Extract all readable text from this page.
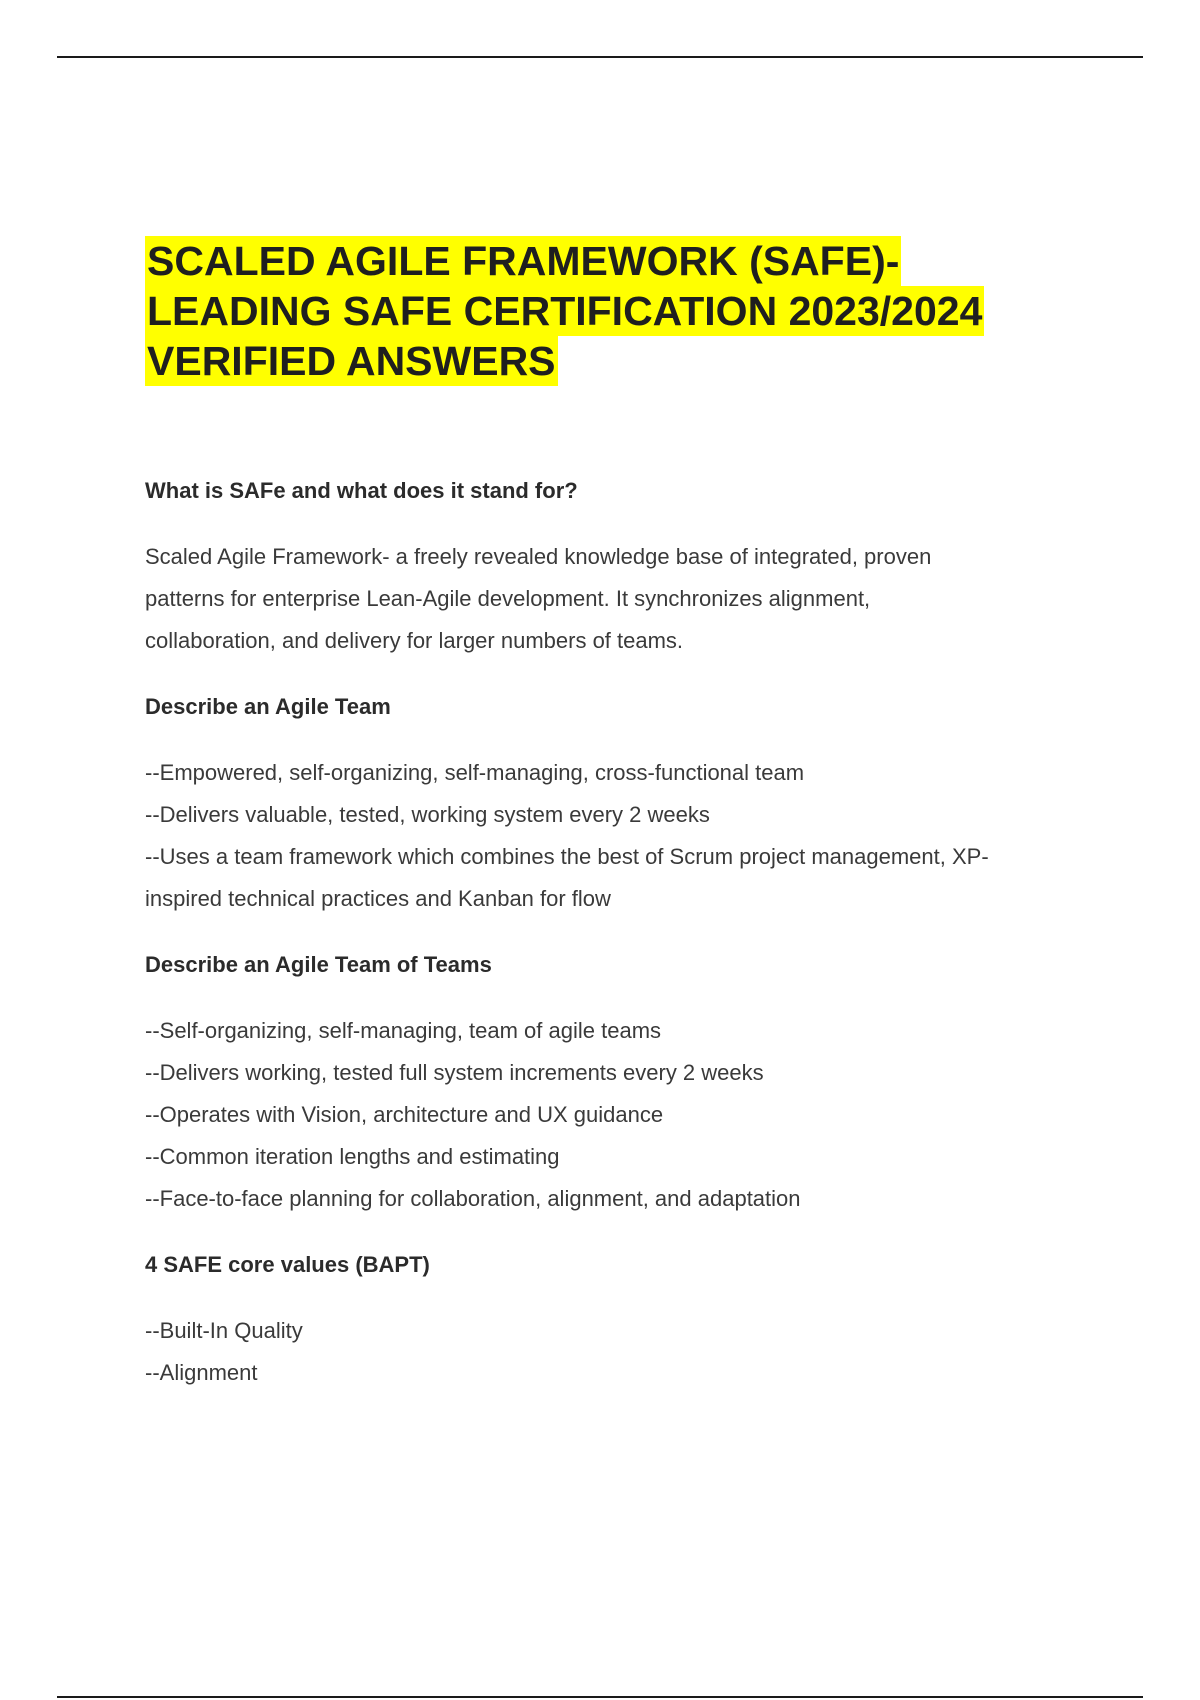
SCALED AGILE FRAMEWORK (SAFE)-
LEADING SAFE CERTIFICATION 2023/2024
VERIFIED ANSWERS

What is SAFe and what does it stand for?

Scaled Agile Framework- a freely revealed knowledge base of integrated, proven
patterns for enterprise Lean-Agile development. It synchronizes alignment,
collaboration, and delivery for larger numbers of teams.

Describe an Agile Team

--Empowered, self-organizing, self-managing, cross-functional team
--Delivers valuable, tested, working system every 2 weeks
--Uses a team framework which combines the best of Scrum project management, XP-
inspired technical practices and Kanban for flow

Describe an Agile Team of Teams

--Self-organizing, self-managing, team of agile teams
--Delivers working, tested full system increments every 2 weeks
--Operates with Vision, architecture and UX guidance
--Common iteration lengths and estimating
--Face-to-face planning for collaboration, alignment, and adaptation

4 SAFE core values (BAPT)

--Built-In Quality
--Alignment
